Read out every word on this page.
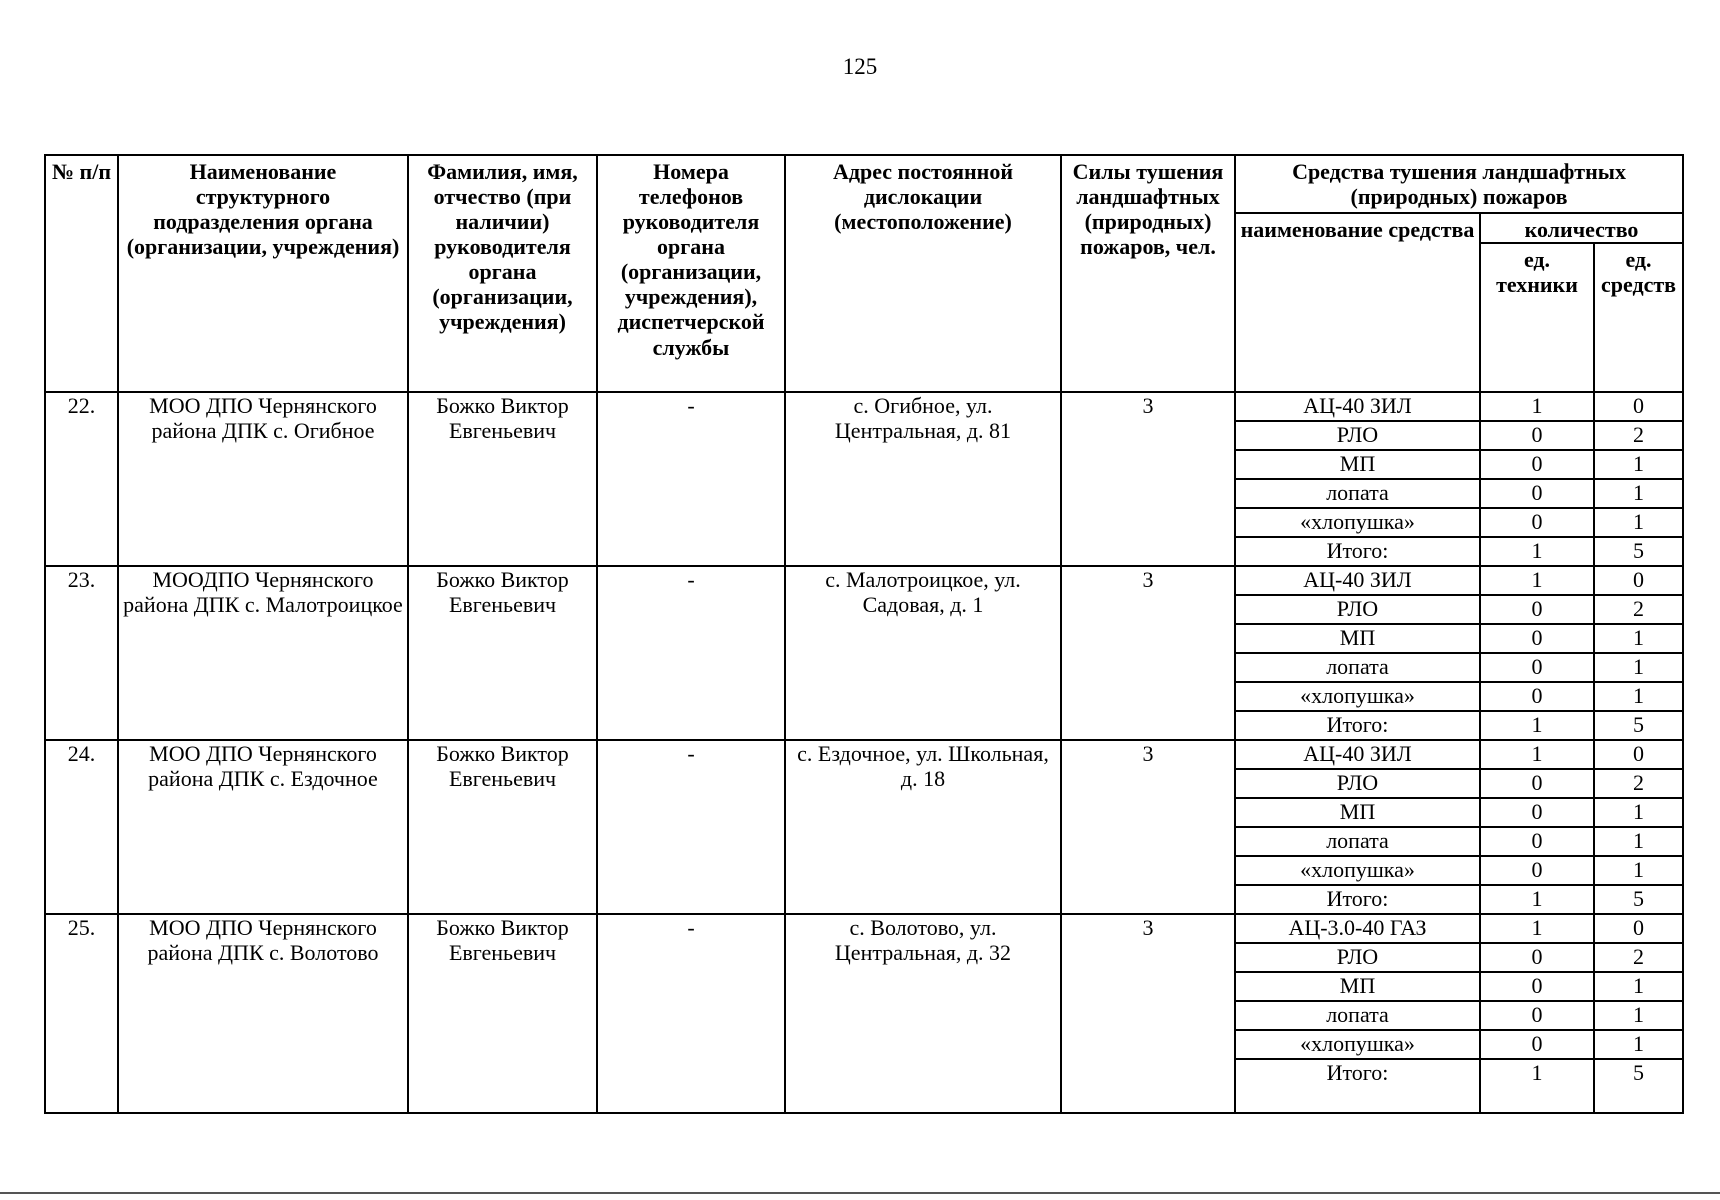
125
№ п/п	Наименование структурного подразделения органа (организации, учреждения)	Фамилия, имя, отчество (при наличии) руководителя органа (организации, учреждения)	Номера телефонов руководителя органа (организации, учреждения), диспетчерской службы	Адрес постоянной дислокации (местоположение)	Силы тушения ландшафтных (природных) пожаров, чел.	Средства тушения ландшафтных (природных) пожаров		
						наименование средства	количество	
							ед. техники	ед. средств
22.	МОО ДПО Чернянского района ДПК с. Огибное	Божко Виктор Евгеньевич	-	с. Огибное, ул. Центральная, д. 81	3	АЦ-40 ЗИЛ	1	0
						РЛО	0	2
						МП	0	1
						лопата	0	1
						«хлопушка»	0	1
						Итого:	1	5
23.	МООДПО Чернянского района ДПК с. Малотроицкое	Божко Виктор Евгеньевич	-	с. Малотроицкое, ул. Садовая, д. 1	3	АЦ-40 ЗИЛ	1	0
						РЛО	0	2
						МП	0	1
						лопата	0	1
						«хлопушка»	0	1
						Итого:	1	5
24.	МОО ДПО Чернянского района ДПК с. Ездочное	Божко Виктор Евгеньевич	-	с. Ездочное, ул. Школьная, д. 18	3	АЦ-40 ЗИЛ	1	0
						РЛО	0	2
						МП	0	1
						лопата	0	1
						«хлопушка»	0	1
						Итого:	1	5
25.	МОО ДПО Чернянского района ДПК с. Волотово	Божко Виктор Евгеньевич	-	с. Волотово, ул. Центральная, д. 32	3	АЦ-3.0-40 ГАЗ	1	0
						РЛО	0	2
						МП	0	1
						лопата	0	1
						«хлопушка»	0	1
						Итого:	1	5
